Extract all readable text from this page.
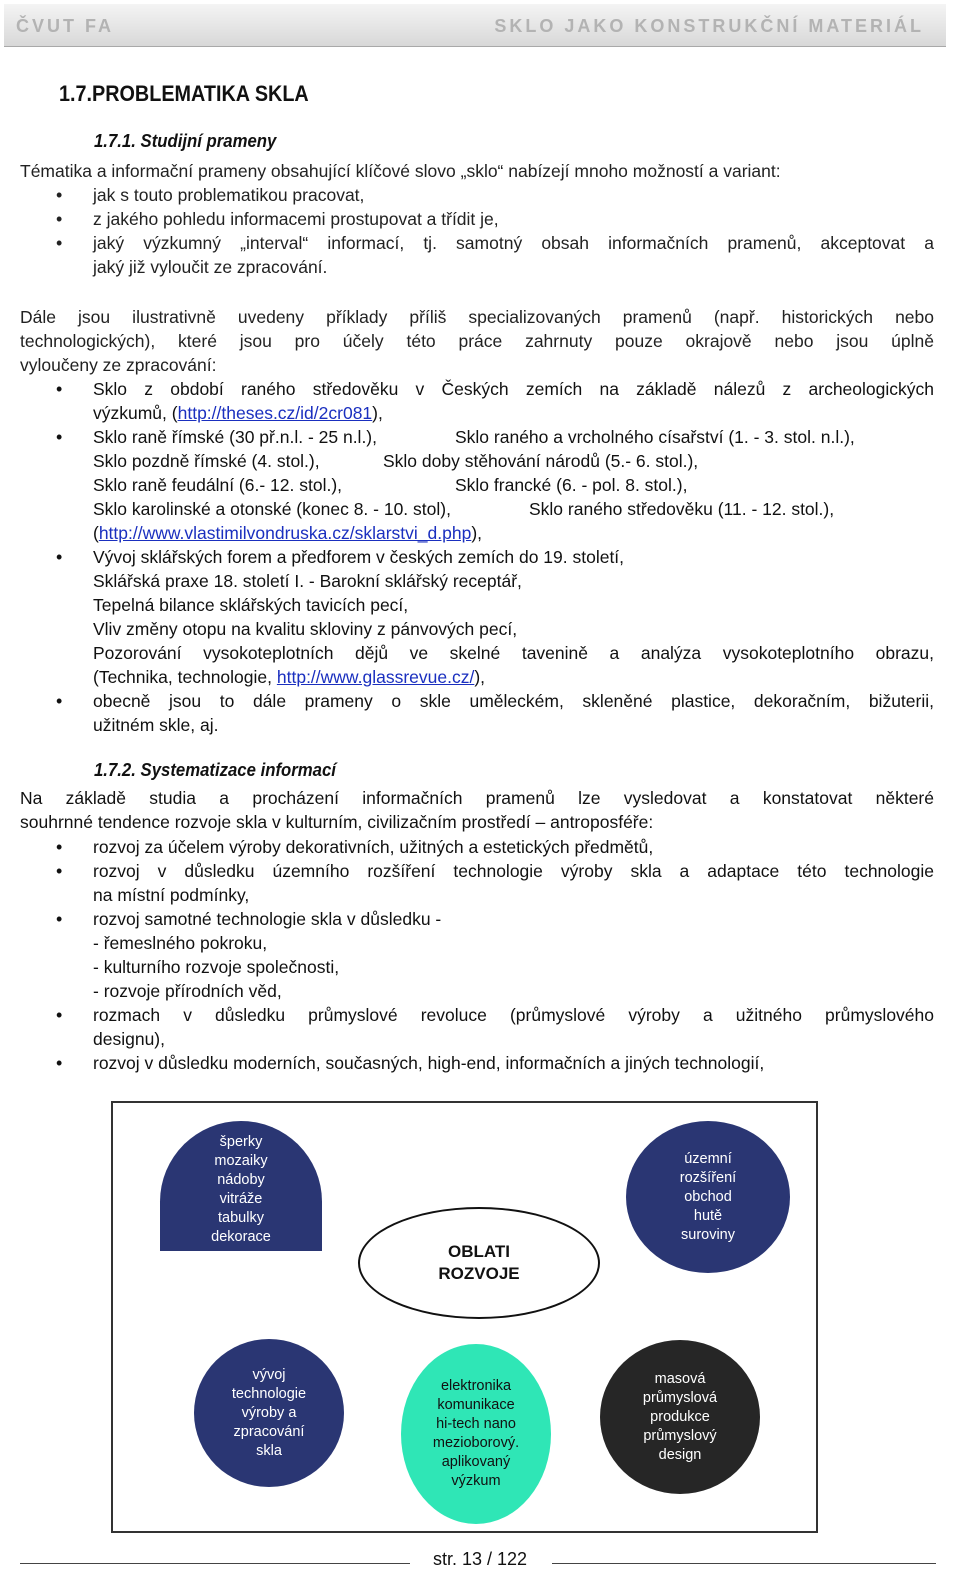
ČVUT FA	SKLO JAKO KONSTRUKČNÍ MATERIÁL
1.7.PROBLEMATIKA SKLA
1.7.1. Studijní prameny
Tématika a informační prameny obsahující klíčové slovo „sklo“ nabízejí mnoho možností a variant:
• jak s touto problematikou pracovat,
• z jakého pohledu informacemi prostupovat a třídit je,
• jaký výzkumný „interval“ informací, tj. samotný obsah informačních pramenů, akceptovat a
jaký již vyloučit ze zpracování.
Dále jsou ilustrativně uvedeny příklady příliš specializovaných pramenů (např. historických nebo
technologických), které jsou pro účely této práce zahrnuty pouze okrajově nebo jsou úplně
vyloučeny ze zpracování:
• Sklo z období raného středověku v Českých zemích na základě nálezů z archeologických
výzkumů, (http://theses.cz/id/2cr081),
• Sklo raně římské (30 př.n.l. - 25 n.l.),	Sklo raného a vrcholného císařství (1. - 3. stol. n.l.),
Sklo pozdně římské (4. stol.),	Sklo doby stěhování národů (5.- 6. stol.),
Sklo raně feudální (6.- 12. stol.),	Sklo francké (6. - pol. 8. stol.),
Sklo karolinské a otonské (konec 8. - 10. stol),	Sklo raného středověku (11. - 12. stol.),
(http://www.vlastimilvondruska.cz/sklarstvi_d.php),
• Vývoj sklářských forem a předforem v českých zemích do 19. století,
Sklářská praxe 18. století I. - Barokní sklářský receptář,
Tepelná bilance sklářských tavicích pecí,
Vliv změny otopu na kvalitu skloviny z pánvových pecí,
Pozorování vysokoteplotních dějů ve skelné tavenině a analýza vysokoteplotního obrazu,
(Technika, technologie, http://www.glassrevue.cz/),
• obecně jsou to dále prameny o skle uměleckém, skleněné plastice, dekoračním, bižuterii,
užitném skle, aj.
1.7.2. Systematizace informací
Na základě studia a procházení informačních pramenů lze vysledovat a konstatovat některé
souhrnné tendence rozvoje skla v kulturním, civilizačním prostředí – antroposféře:
• rozvoj za účelem výroby dekorativních, užitných a estetických předmětů,
• rozvoj v důsledku územního rozšíření technologie výroby skla a adaptace této technologie
na místní podmínky,
• rozvoj samotné technologie skla v důsledku -
- řemeslného pokroku,
- kulturního rozvoje společnosti,
- rozvoje přírodních věd,
• rozmach v důsledku průmyslové revoluce (průmyslové výroby a užitného průmyslového
designu),
• rozvoj v důsledku moderních, současných, high-end, informačních a jiných technologií,
šperky
mozaiky
nádoby
vitráže
tabulky
dekorace
územní
rozšíření
obchod
hutě
suroviny
OBLATI
ROZVOJE
vývoj
technologie
výroby a
zpracování
skla
elektronika
komunikace
hi-tech nano
mezioborový.
aplikovaný
výzkum
masová
průmyslová
produkce
průmyslový
design
str. 13 / 122
